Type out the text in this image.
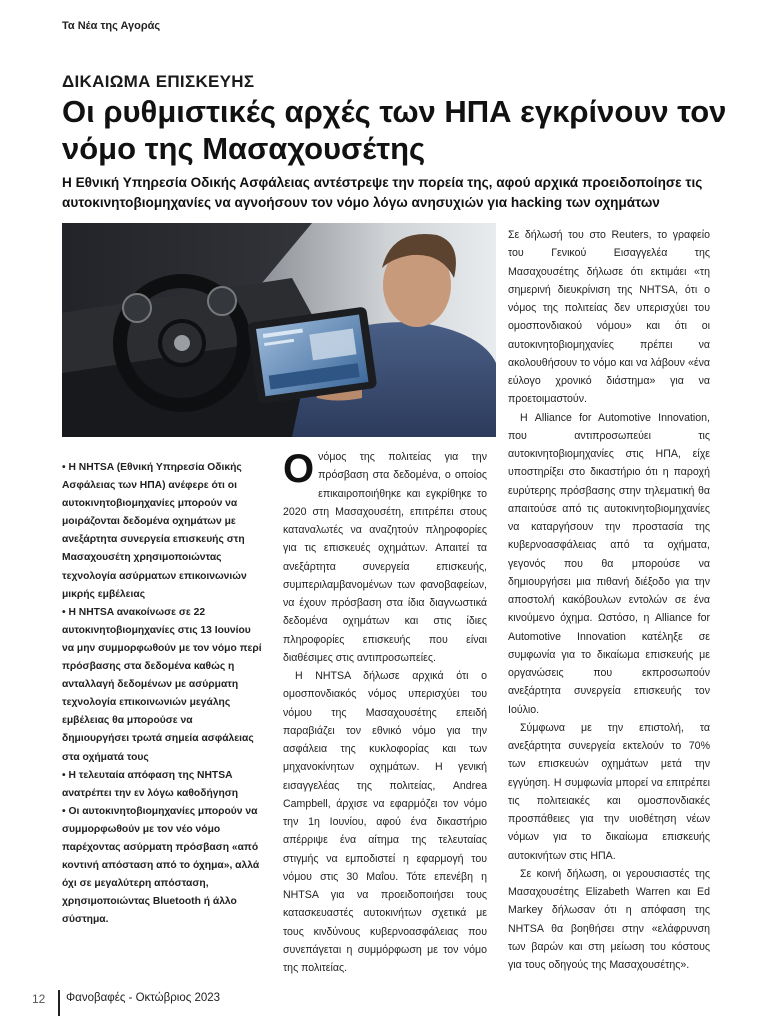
Τα Νέα της Αγοράς
ΔΙΚΑΙΩΜΑ ΕΠΙΣΚΕΥΗΣ
Οι ρυθμιστικές αρχές των ΗΠΑ εγκρίνουν τον νόμο της Μασαχουσέτης

Η Εθνική Υπηρεσία Οδικής Ασφάλειας αντέστρεψε την πορεία της, αφού αρχικά προειδοποίησε τις αυτοκινητοβιομηχανίες να αγνοήσουν τον νόμο λόγω ανησυχιών για hacking των οχημάτων

• Η NHTSA (Εθνική Υπηρεσία Οδικής Ασφάλειας των ΗΠΑ) ανέφερε ότι οι αυτοκινητοβιομηχανίες μπορούν να μοιράζονται δεδομένα οχημάτων με ανεξάρτητα συνεργεία επισκευής στη Μασαχουσέτη χρησιμοποιώντας τεχνολογία ασύρματων επικοινωνιών μικρής εμβέλειας
• Η NHTSA ανακοίνωσε σε 22 αυτοκινητοβιομηχανίες στις 13 Ιουνίου να μην συμμορφωθούν με τον νόμο περί πρόσβασης στα δεδομένα καθώς η ανταλλαγή δεδομένων με ασύρματη τεχνολογία επικοινωνιών μεγάλης εμβέλειας θα μπορούσε να δημιουργήσει τρωτά σημεία ασφάλειας στα οχήματά τους
• Η τελευταία απόφαση της NHTSA ανατρέπει την εν λόγω καθοδήγηση
• Οι αυτοκινητοβιομηχανίες μπορούν να συμμορφωθούν με τον νέο νόμο παρέχοντας ασύρματη πρόσβαση «από κοντινή απόσταση από το όχημα», αλλά όχι σε μεγαλύτερη απόσταση, χρησιμοποιώντας Bluetooth ή άλλο σύστημα.

Ονόμος της πολιτείας για την πρόσβαση στα δεδομένα, ο οποίος επικαιροποιήθηκε και εγκρίθηκε το 2020 στη Μασαχουσέτη, επιτρέπει στους καταναλωτές να αναζητούν πληροφορίες για τις επισκευές οχημάτων. Απαιτεί τα ανεξάρτητα συνεργεία επισκευής, συμπεριλαμβανομένων των φανοβαφείων, να έχουν πρόσβαση στα ίδια διαγνωστικά δεδομένα οχημάτων και στις ίδιες πληροφορίες επισκευής που είναι διαθέσιμες στις αντιπροσωπείες.

Η NHTSA δήλωσε αρχικά ότι ο ομοσπονδιακός νόμος υπερισχύει του νόμου της Μασαχουσέτης επειδή παραβιάζει τον εθνικό νόμο για την ασφάλεια της κυκλοφορίας και των μηχανοκίνητων οχημάτων. Η γενική εισαγγελέας της πολιτείας, Andrea Campbell, άρχισε να εφαρμόζει τον νόμο την 1η Ιουνίου, αφού ένα δικαστήριο απέρριψε ένα αίτημα της τελευταίας στιγμής να εμποδιστεί η εφαρμογή του νόμου στις 30 Μαΐου. Τότε επενέβη η NHTSA για να προειδοποιήσει τους κατασκευαστές αυτοκινήτων σχετικά με τους κινδύνους κυβερνοασφάλειας που συνεπάγεται η συμμόρφωση με τον νόμο της πολιτείας.

Σε δήλωσή του στο Reuters, το γραφείο του Γενικού Εισαγγελέα της Μασαχουσέτης δήλωσε ότι εκτιμάει «τη σημερινή διευκρίνιση της NHTSA, ότι ο νόμος της πολιτείας δεν υπερισχύει του ομοσπονδιακού νόμου» και ότι οι αυτοκινητοβιομηχανίες πρέπει να ακολουθήσουν το νόμο και να λάβουν «ένα εύλογο χρονικό διάστημα» για να προετοιμαστούν.

Η Alliance for Automotive Innovation, που αντιπροσωπεύει τις αυτοκινητοβιομηχανίες στις ΗΠΑ, είχε υποστηρίξει στο δικαστήριο ότι η παροχή ευρύτερης πρόσβασης στην τηλεματική θα απαιτούσε από τις αυτοκινητοβιομηχανίες να καταργήσουν την προστασία της κυβερνοασφάλειας από τα οχήματα, γεγονός που θα μπορούσε να δημιουργήσει μια πιθανή διέξοδο για την αποστολή κακόβουλων εντολών σε ένα κινούμενο όχημα. Ωστόσο, η Alliance for Automotive Innovation κατέληξε σε συμφωνία για το δικαίωμα επισκευής με οργανώσεις που εκπροσωπούν ανεξάρτητα συνεργεία επισκευής τον Ιούλιο.

Σύμφωνα με την επιστολή, τα ανεξάρτητα συνεργεία εκτελούν το 70% των επισκευών οχημάτων μετά την εγγύηση. Η συμφωνία μπορεί να επιτρέπει τις πολιτειακές και ομοσπονδιακές προσπάθειες για την υιοθέτηση νέων νόμων για το δικαίωμα επισκευής αυτοκινήτων στις ΗΠΑ.

Σε κοινή δήλωση, οι γερουσιαστές της Μασαχουσέτης Elizabeth Warren και Ed Markey δήλωσαν ότι η απόφαση της NHTSA θα βοηθήσει στην «ελάφρυνση των βαρών και στη μείωση του κόστους για τους οδηγούς της Μασαχουσέτης».

12 Φανοβαφές - Οκτώβριος 2023
